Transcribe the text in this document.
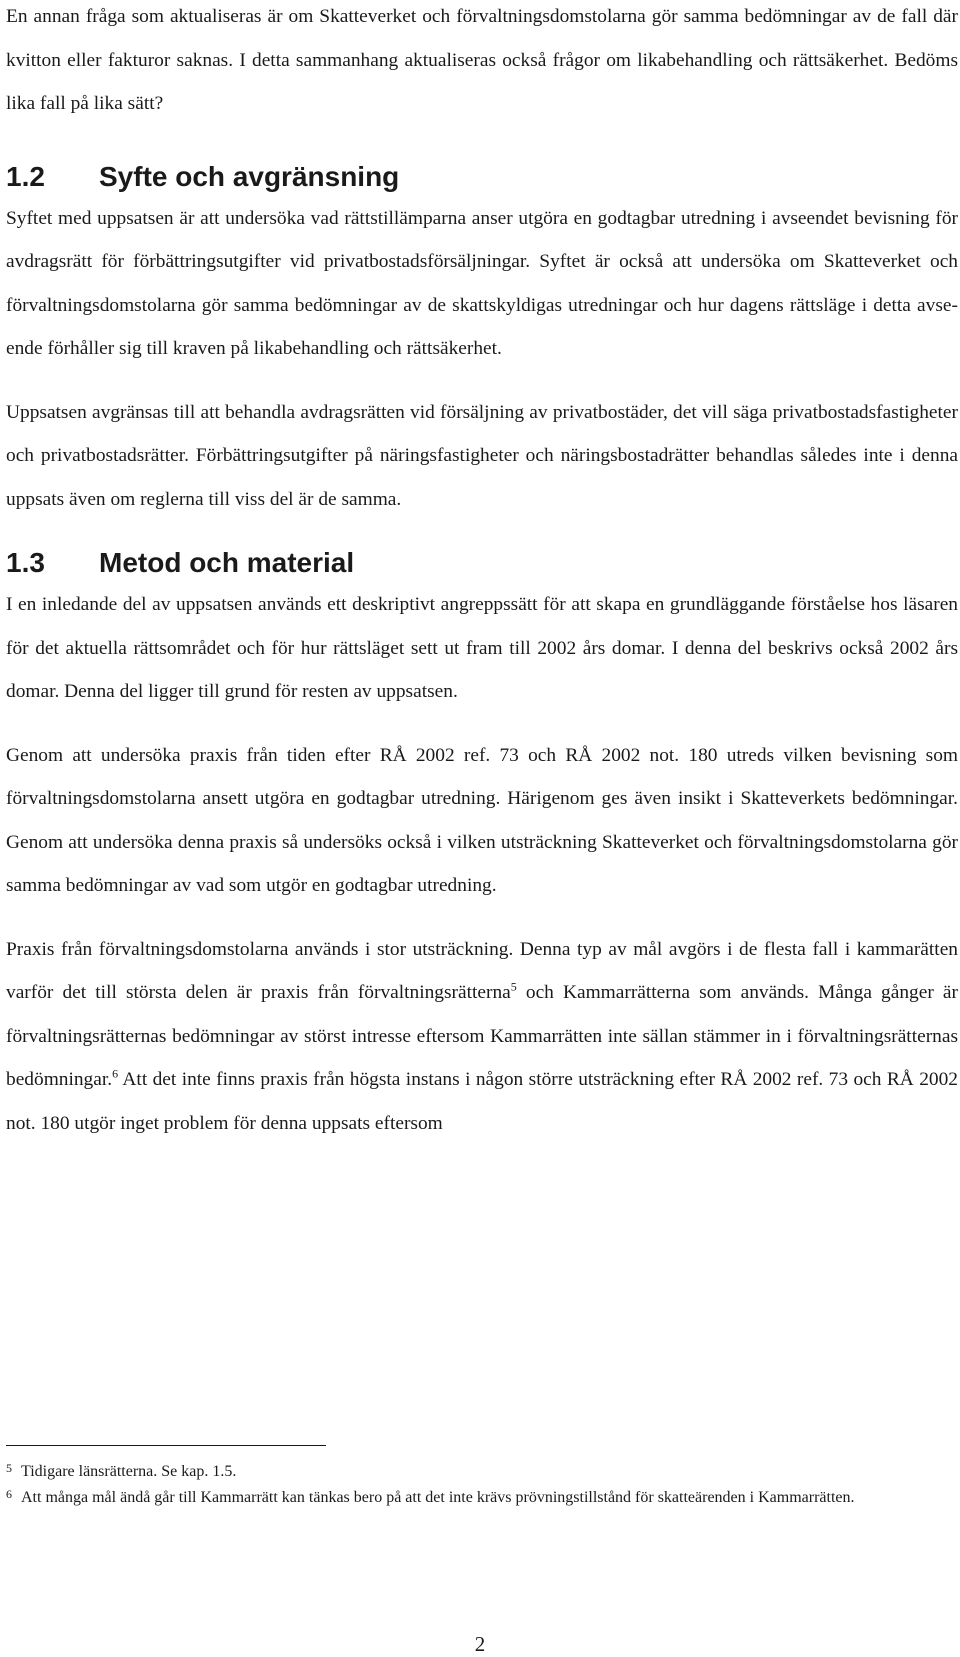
En annan fråga som aktualiseras är om Skatteverket och förvaltningsdomstolarna gör samma bedömningar av de fall där kvitton eller fakturor saknas. I detta sammanhang aktualiseras också frågor om likabehandling och rättsäkerhet. Bedöms lika fall på lika sätt?

1.2	Syfte och avgränsning

Syftet med uppsatsen är att undersöka vad rättstillämparna anser utgöra en godtagbar utredning i avseendet bevisning för avdragsrätt för förbättringsutgifter vid privatbostadsförsäljningar. Syftet är också att undersöka om Skatteverket och förvaltningsdomstolarna gör samma bedömningar av de skattskyldigas utredningar och hur dagens rättsläge i detta avseende förhåller sig till kraven på likabehandling och rättsäkerhet.

Uppsatsen avgränsas till att behandla avdragsrätten vid försäljning av privatbostäder, det vill säga privatbostadsfastigheter och privatbostadsrätter. Förbättringsutgifter på näringsfastigheter och näringsbostadrätter behandlas således inte i denna uppsats även om reglerna till viss del är de samma.

1.3	Metod och material

I en inledande del av uppsatsen används ett deskriptivt angreppssätt för att skapa en grundläggande förståelse hos läsaren för det aktuella rättsområdet och för hur rättsläget sett ut fram till 2002 års domar. I denna del beskrivs också 2002 års domar. Denna del ligger till grund för resten av uppsatsen.

Genom att undersöka praxis från tiden efter RÅ 2002 ref. 73 och RÅ 2002 not. 180 utreds vilken bevisning som förvaltningsdomstolarna ansett utgöra en godtagbar utredning. Härigenom ges även insikt i Skatteverkets bedömningar. Genom att undersöka denna praxis så undersöks också i vilken utsträckning Skatteverket och förvaltningsdomstolarna gör samma bedömningar av vad som utgör en godtagbar utredning.

Praxis från förvaltningsdomstolarna används i stor utsträckning. Denna typ av mål avgörs i de flesta fall i kammarätten varför det till största delen är praxis från förvaltningsrätterna$^5$ och Kammarrätterna som används. Många gånger är förvaltningsrätternas bedömningar av störst intresse eftersom Kammarrätten inte sällan stämmer in i förvaltningsrätternas bedömningar.$^6$ Att det inte finns praxis från högsta instans i någon större utsträckning efter RÅ 2002 ref. 73 och RÅ 2002 not. 180 utgör inget problem för denna uppsats eftersom

5 Tidigare länsrätterna. Se kap. 1.5.
6 Att många mål ändå går till Kammarrätt kan tänkas bero på att det inte krävs prövningstillstånd för skatteärenden i Kammarrätten.
2
